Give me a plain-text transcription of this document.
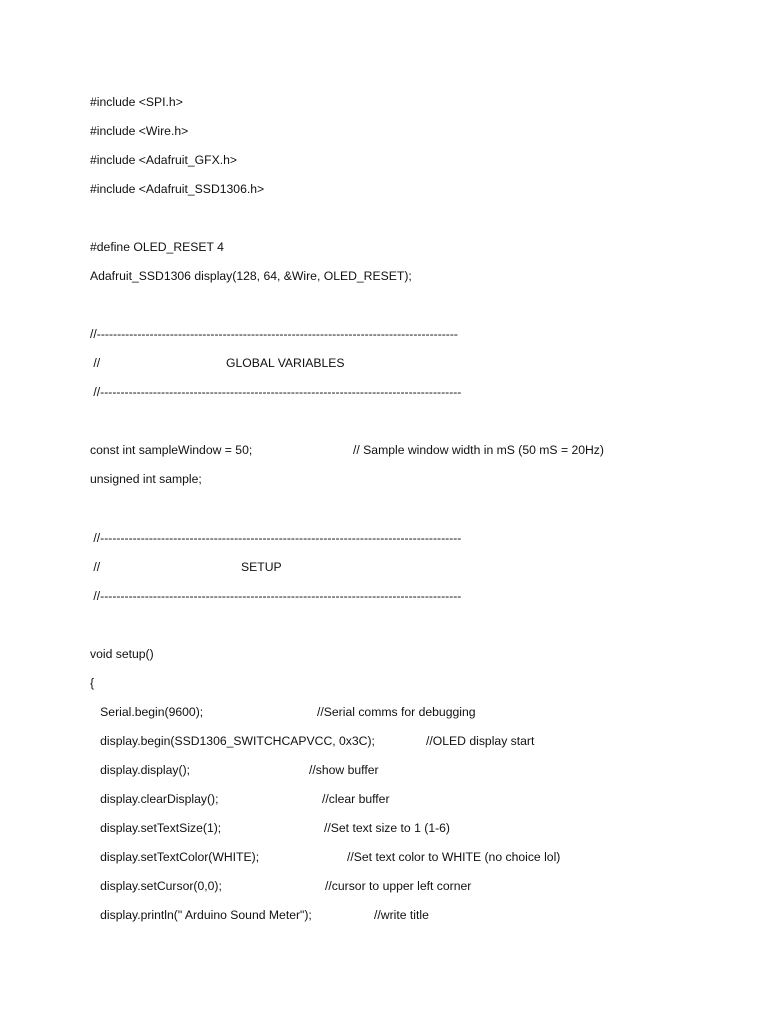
#include <SPI.h>
#include <Wire.h>
#include <Adafruit_GFX.h>
#include <Adafruit_SSD1306.h>
#define OLED_RESET 4
Adafruit_SSD1306 display(128, 64, &Wire, OLED_RESET);
//-----------------------------------------------------------------------------------------
//	GLOBAL VARIABLES
//-----------------------------------------------------------------------------------------
const int sampleWindow = 50;	// Sample window width in mS (50 mS = 20Hz)
unsigned int sample;
//-----------------------------------------------------------------------------------------
//	SETUP
//-----------------------------------------------------------------------------------------
void setup()
{
Serial.begin(9600);	//Serial comms for debugging
display.begin(SSD1306_SWITCHCAPVCC, 0x3C);	//OLED display start
display.display();	//show buffer
display.clearDisplay();	//clear buffer
display.setTextSize(1);	//Set text size to 1 (1-6)
display.setTextColor(WHITE);	//Set text color to WHITE (no choice lol)
display.setCursor(0,0);	//cursor to upper left corner
display.println(" Arduino Sound Meter");	//write title
